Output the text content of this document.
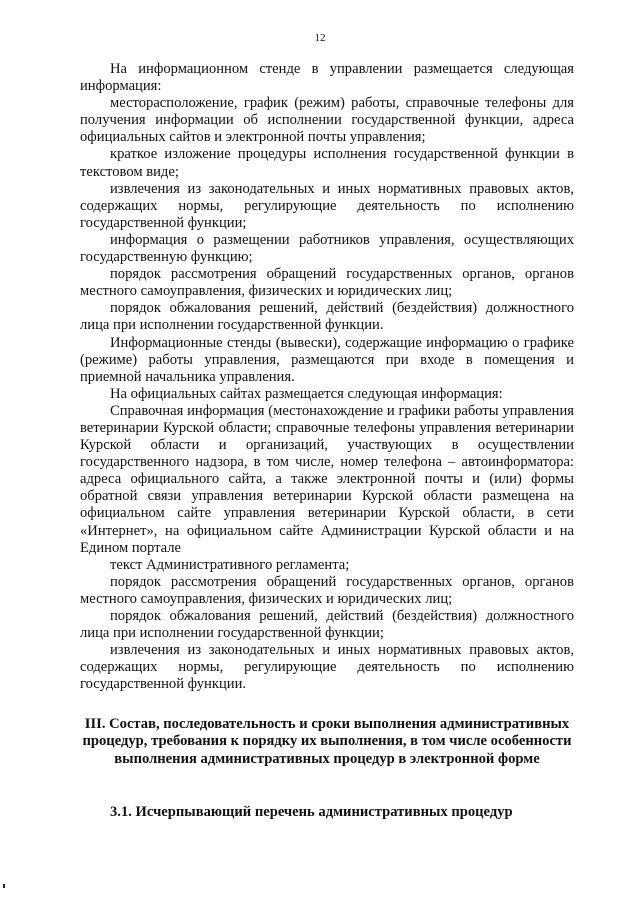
12

На информационном стенде в управлении размещается следующая информация:

месторасположение, график (режим) работы, справочные телефоны для получения информации об исполнении государственной функции, адреса официальных сайтов и электронной почты управления;

краткое изложение процедуры исполнения государственной функции в текстовом виде;

извлечения из законодательных и иных нормативных правовых актов, содержащих нормы, регулирующие деятельность по исполнению государственной функции;

информация о размещении работников управления, осуществляющих государственную функцию;

порядок рассмотрения обращений государственных органов, органов местного самоуправления, физических и юридических лиц;

порядок обжалования решений, действий (бездействия) должностного лица при исполнении государственной функции.

Информационные стенды (вывески), содержащие информацию о графике (режиме) работы управления, размещаются при входе в помещения и приемной начальника управления.

На официальных сайтах размещается следующая информация:

Справочная информация (местонахождение и графики работы управления ветеринарии Курской области; справочные телефоны управления ветеринарии Курской области и организаций, участвующих в осуществлении государственного надзора, в том числе, номер телефона – автоинформатора: адреса официального сайта, а также электронной почты и (или) формы обратной связи управления ветеринарии Курской области размещена на официальном сайте управления ветеринарии Курской области, в сети «Интернет», на официальном сайте Администрации Курской области и на Едином портале

текст Административного регламента;

порядок рассмотрения обращений государственных органов, органов местного самоуправления, физических и юридических лиц;

порядок обжалования решений, действий (бездействия) должностного лица при исполнении государственной функции;

извлечения из законодательных и иных нормативных правовых актов, содержащих нормы, регулирующие деятельность по исполнению государственной функции.

III. Состав, последовательность и сроки выполнения административных процедур, требования к порядку их выполнения, в том числе особенности выполнения административных процедур в электронной форме
3.1. Исчерпывающий перечень административных процедур
